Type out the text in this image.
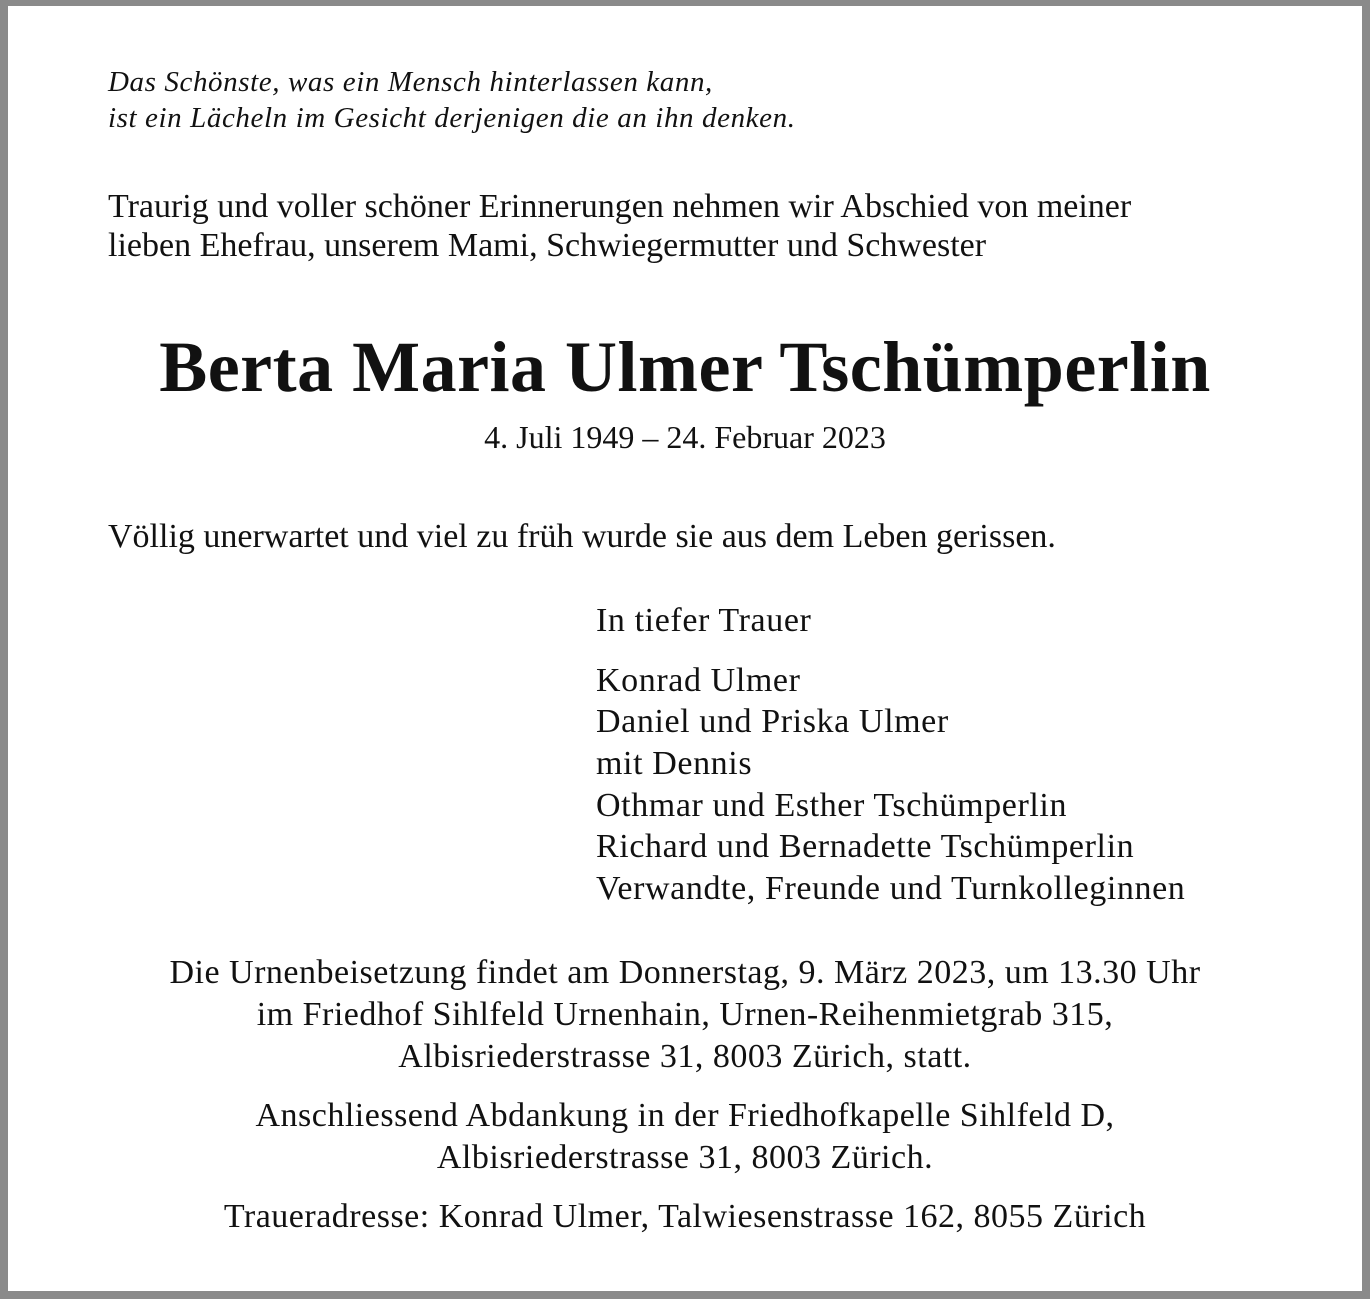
Das Schönste, was ein Mensch hinterlassen kann,

ist ein Lächeln im Gesicht derjenigen die an ihn denken.

Traurig und voller schöner Erinnerungen nehmen wir Abschied von meiner

lieben Ehefrau, unserem Mami, Schwiegermutter und Schwester

Berta Maria Ulmer Tschümperlin

4. Juli 1949 – 24. Februar 2023

Völlig unerwartet und viel zu früh wurde sie aus dem Leben gerissen.

In tiefer Trauer

Konrad Ulmer

Daniel und Priska Ulmer

mit Dennis

Othmar und Esther Tschümperlin

Richard und Bernadette Tschümperlin

Verwandte, Freunde und Turnkolleginnen

Die Urnenbeisetzung findet am Donnerstag, 9. März 2023, um 13.30 Uhr

im Friedhof Sihlfeld Urnenhain, Urnen-Reihenmietgrab 315,

Albisriederstrasse 31, 8003 Zürich, statt.

Anschliessend Abdankung in der Friedhofkapelle Sihlfeld D,

Albisriederstrasse 31, 8003 Zürich.

Traueradresse: Konrad Ulmer, Talwiesenstrasse 162, 8055 Zürich
